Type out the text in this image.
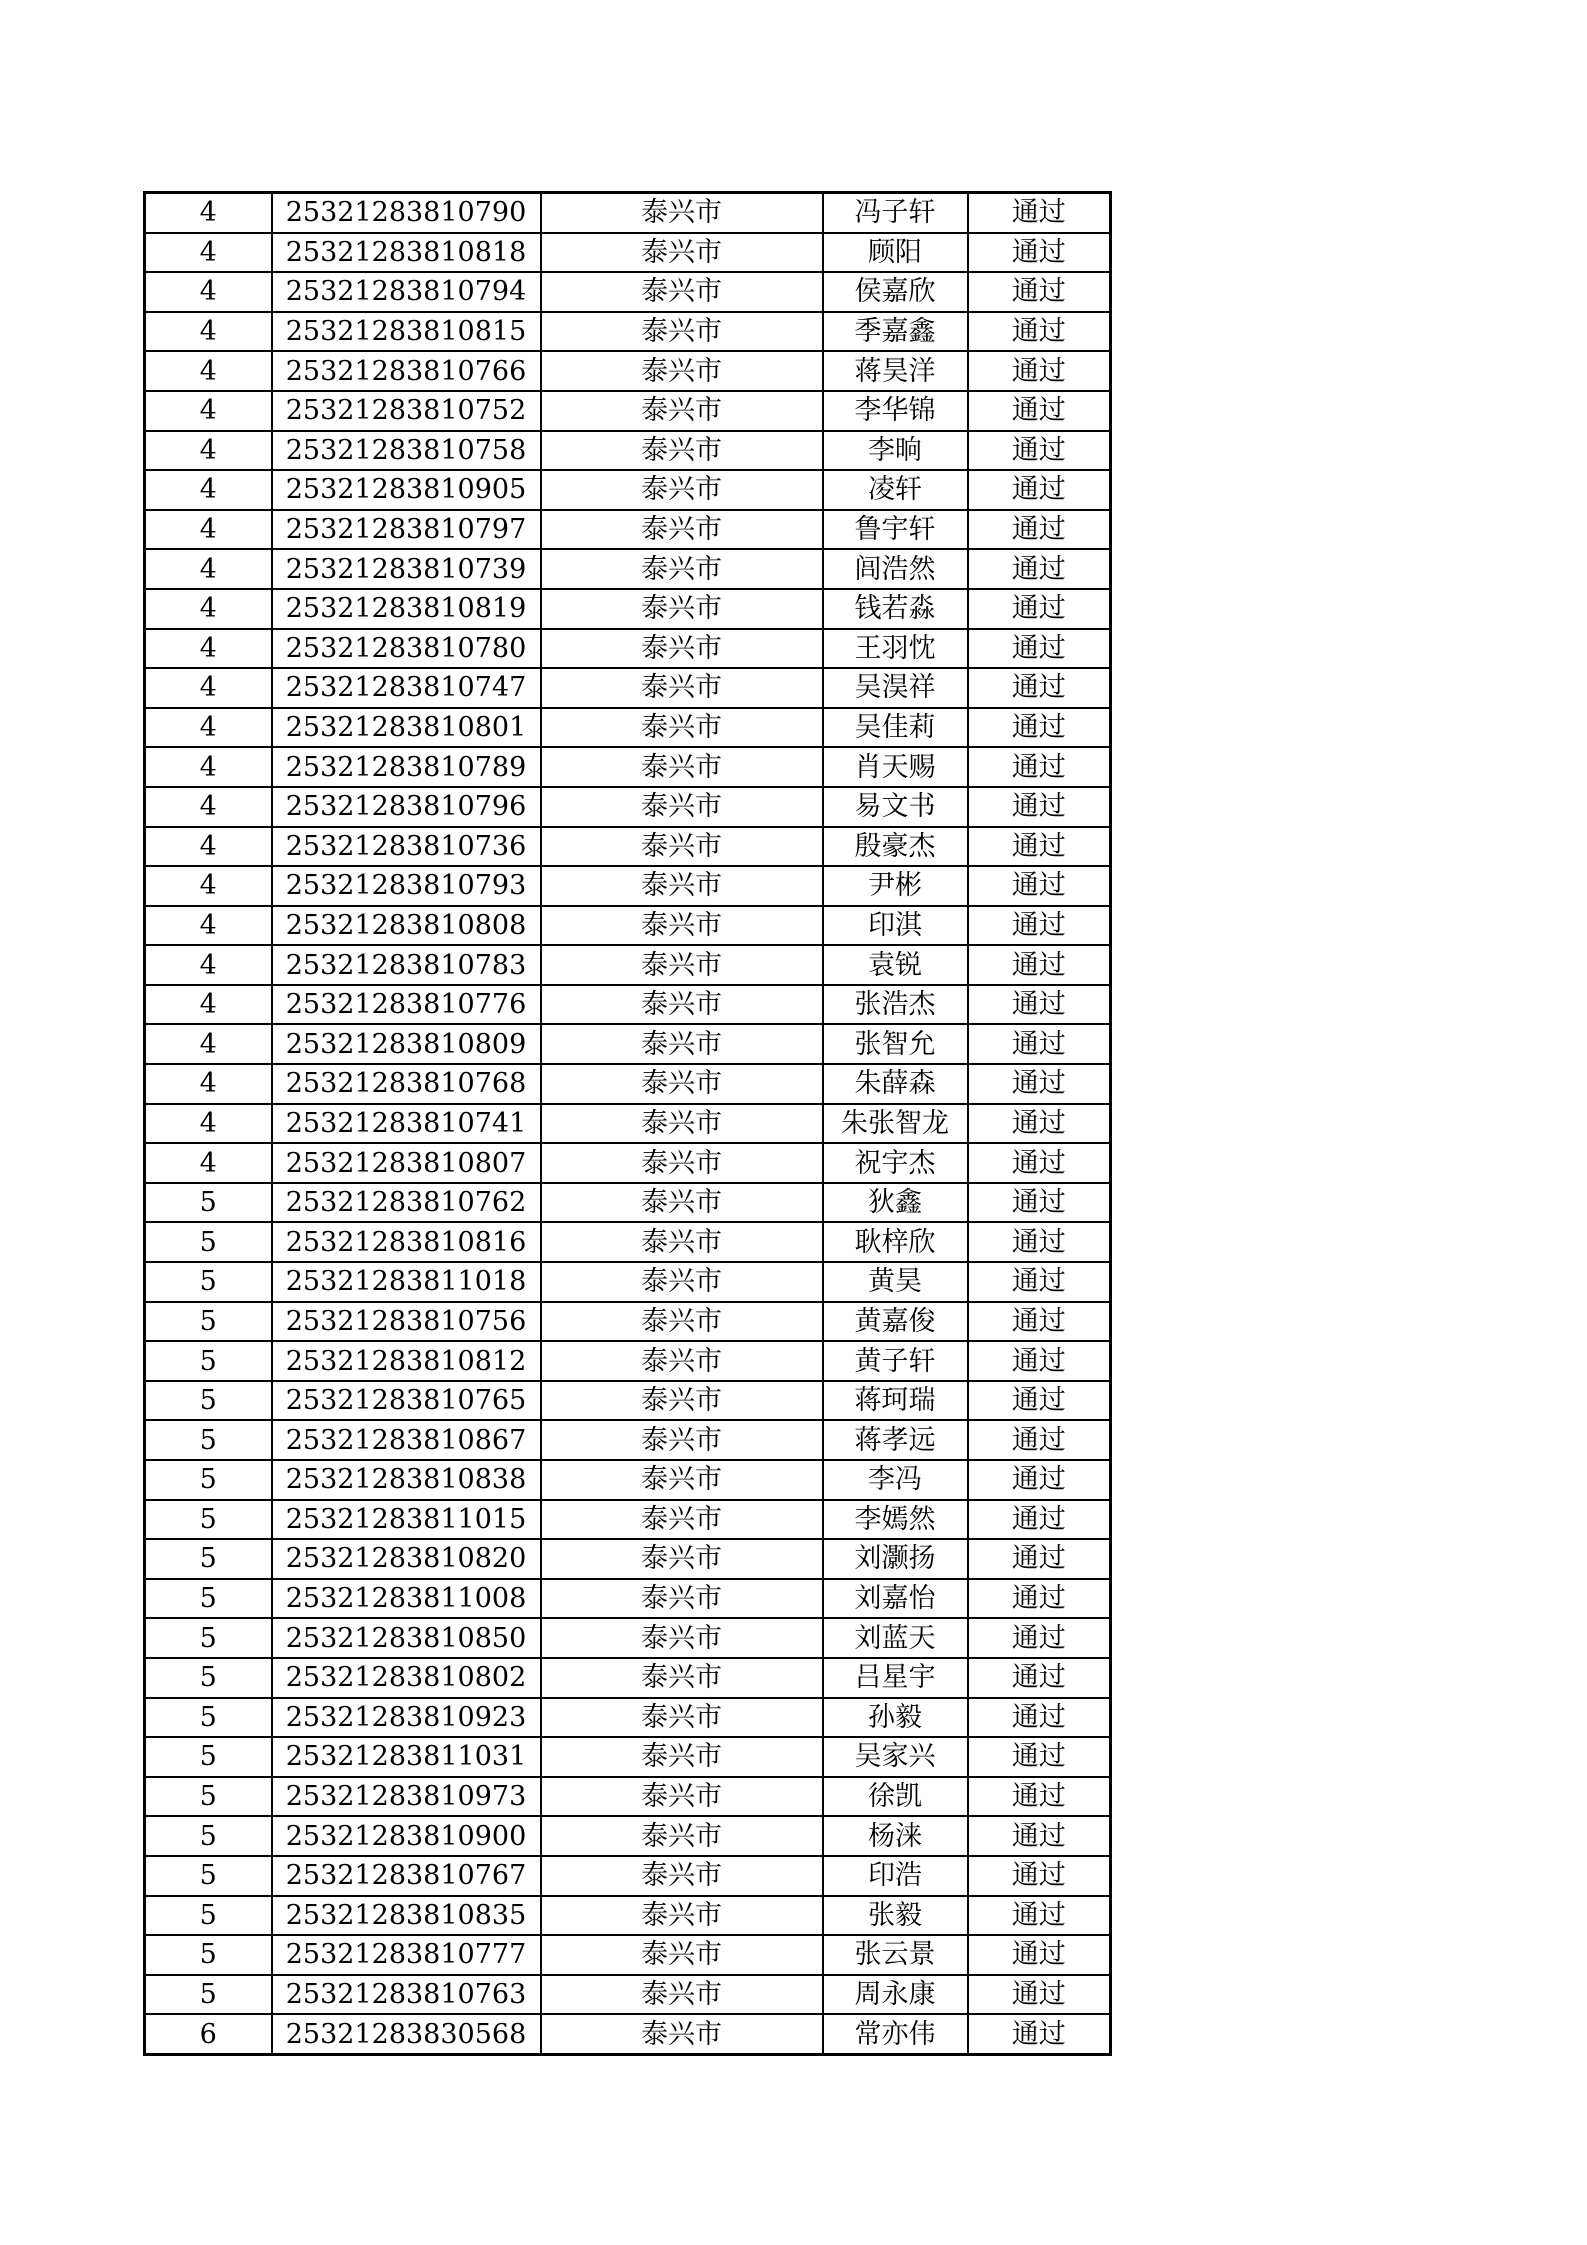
4	25321283810790	泰兴市	冯子轩	通过
4	25321283810818	泰兴市	顾阳	通过
4	25321283810794	泰兴市	侯嘉欣	通过
4	25321283810815	泰兴市	季嘉鑫	通过
4	25321283810766	泰兴市	蒋昊洋	通过
4	25321283810752	泰兴市	李华锦	通过
4	25321283810758	泰兴市	李晌	通过
4	25321283810905	泰兴市	凌轩	通过
4	25321283810797	泰兴市	鲁宇轩	通过
4	25321283810739	泰兴市	闾浩然	通过
4	25321283810819	泰兴市	钱若淼	通过
4	25321283810780	泰兴市	王羽忱	通过
4	25321283810747	泰兴市	吴淏祥	通过
4	25321283810801	泰兴市	吴佳莉	通过
4	25321283810789	泰兴市	肖天赐	通过
4	25321283810796	泰兴市	易文书	通过
4	25321283810736	泰兴市	殷豪杰	通过
4	25321283810793	泰兴市	尹彬	通过
4	25321283810808	泰兴市	印淇	通过
4	25321283810783	泰兴市	袁锐	通过
4	25321283810776	泰兴市	张浩杰	通过
4	25321283810809	泰兴市	张智允	通过
4	25321283810768	泰兴市	朱薛森	通过
4	25321283810741	泰兴市	朱张智龙	通过
4	25321283810807	泰兴市	祝宇杰	通过
5	25321283810762	泰兴市	狄鑫	通过
5	25321283810816	泰兴市	耿梓欣	通过
5	25321283811018	泰兴市	黄昊	通过
5	25321283810756	泰兴市	黄嘉俊	通过
5	25321283810812	泰兴市	黄子轩	通过
5	25321283810765	泰兴市	蒋珂瑞	通过
5	25321283810867	泰兴市	蒋孝远	通过
5	25321283810838	泰兴市	李冯	通过
5	25321283811015	泰兴市	李嫣然	通过
5	25321283810820	泰兴市	刘灏扬	通过
5	25321283811008	泰兴市	刘嘉怡	通过
5	25321283810850	泰兴市	刘蓝天	通过
5	25321283810802	泰兴市	吕星宇	通过
5	25321283810923	泰兴市	孙毅	通过
5	25321283811031	泰兴市	吴家兴	通过
5	25321283810973	泰兴市	徐凯	通过
5	25321283810900	泰兴市	杨涞	通过
5	25321283810767	泰兴市	印浩	通过
5	25321283810835	泰兴市	张毅	通过
5	25321283810777	泰兴市	张云景	通过
5	25321283810763	泰兴市	周永康	通过
6	25321283830568	泰兴市	常亦伟	通过
